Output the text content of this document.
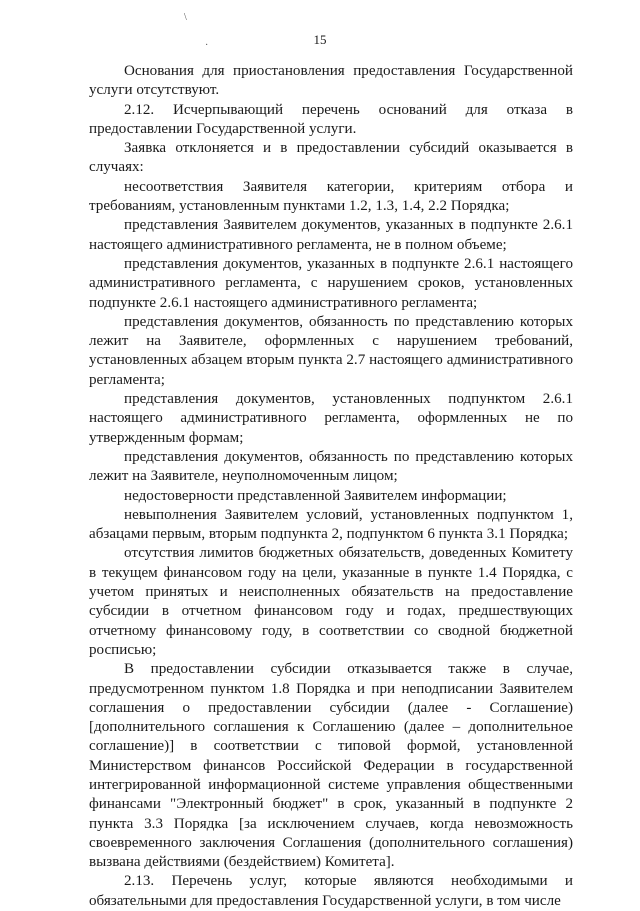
\
·	15

Основания для приостановления предоставления Государственной услуги отсутствуют.

2.12. Исчерпывающий перечень оснований для отказа в предоставлении Государственной услуги.

Заявка отклоняется и в предоставлении субсидий оказывается в случаях:

несоответствия Заявителя категории, критериям отбора и требованиям, установленным пунктами 1.2, 1.3, 1.4, 2.2 Порядка;

представления Заявителем документов, указанных в подпункте 2.6.1 настоящего административного регламента, не в полном объеме;

представления документов, указанных в подпункте 2.6.1 настоящего административного регламента, с нарушением сроков, установленных подпункте 2.6.1 настоящего административного регламента;

представления документов, обязанность по представлению которых лежит на Заявителе, оформленных с нарушением требований, установленных абзацем вторым пункта 2.7 настоящего административного регламента;

представления документов, установленных подпунктом 2.6.1 настоящего административного регламента, оформленных не по утвержденным формам;

представления документов, обязанность по представлению которых лежит на Заявителе, неуполномоченным лицом;

недостоверности представленной Заявителем информации;

невыполнения Заявителем условий, установленных подпунктом 1, абзацами первым, вторым подпункта 2, подпунктом 6 пункта 3.1 Порядка;

отсутствия лимитов бюджетных обязательств, доведенных Комитету в текущем финансовом году на цели, указанные в пункте 1.4 Порядка, с учетом принятых и неисполненных обязательств на предоставление субсидии в отчетном финансовом году и годах, предшествующих отчетному финансовому году, в соответствии со сводной бюджетной росписью;

В предоставлении субсидии отказывается также в случае, предусмотренном пунктом 1.8 Порядка и при неподписании Заявителем соглашения о предоставлении субсидии (далее - Соглашение) [дополнительного соглашения к Соглашению (далее – дополнительное соглашение)] в соответствии с типовой формой, установленной Министерством финансов Российской Федерации в государственной интегрированной информационной системе управления общественными финансами "Электронный бюджет" в срок, указанный в подпункте 2 пункта 3.3 Порядка [за исключением случаев, когда невозможность своевременного заключения Соглашения (дополнительного соглашения) вызвана действиями (бездействием) Комитета].

2.13. Перечень услуг, которые являются необходимыми и обязательными для предоставления Государственной услуги, в том числе
